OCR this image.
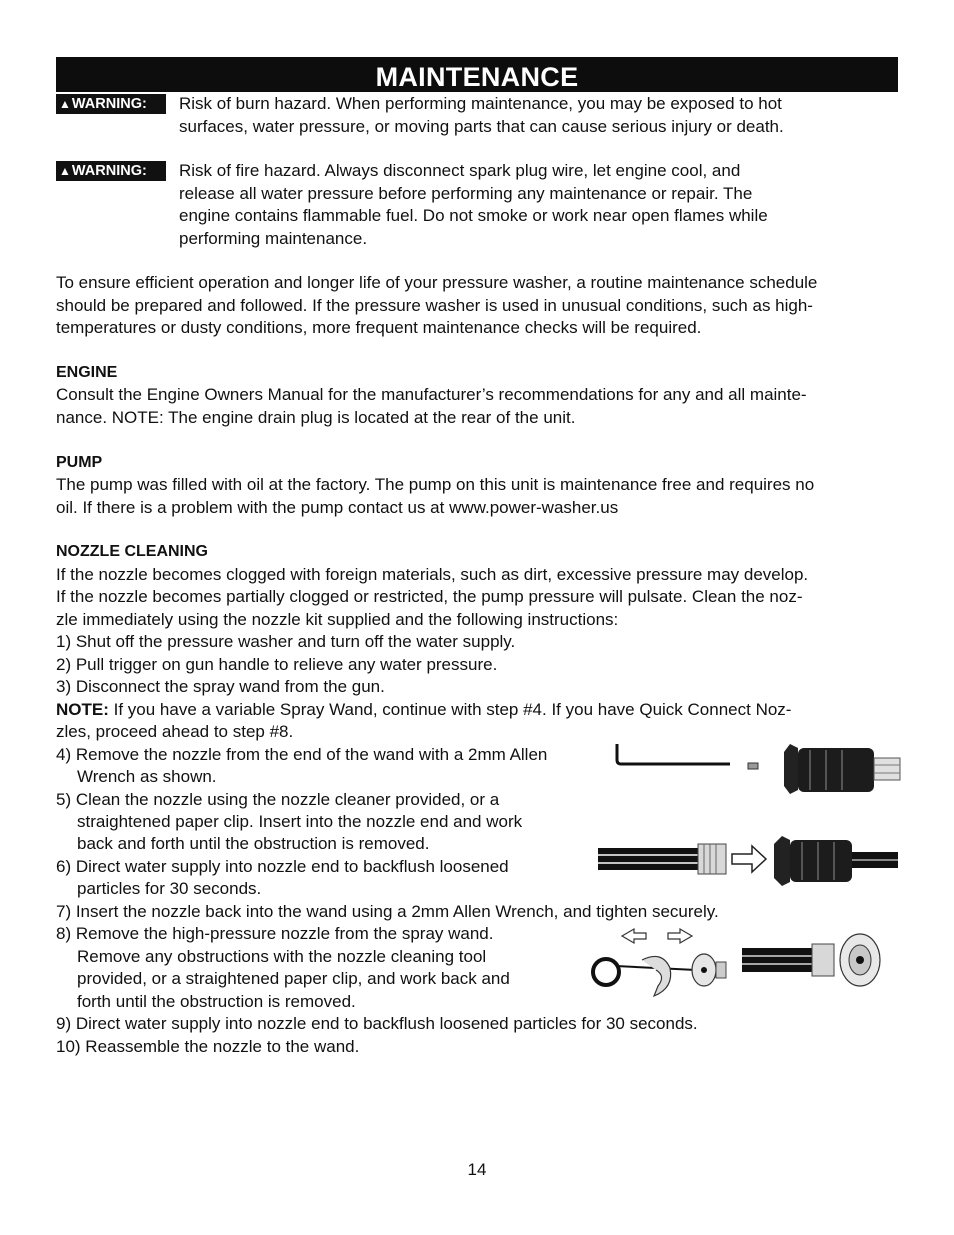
MAINTENANCE
▲WARNING:	Risk of burn hazard. When performing maintenance, you may be exposed to hot
surfaces, water pressure, or moving parts that can cause serious injury or death.
▲WARNING:	Risk of fire hazard. Always disconnect spark plug wire, let engine cool, and
release all water pressure before performing any maintenance or repair. The
engine contains flammable fuel. Do not smoke or work near open flames while
performing maintenance.
To ensure efficient operation and longer life of your pressure washer, a routine maintenance schedule
should be prepared and followed. If the pressure washer is used in unusual conditions, such as high-
temperatures or dusty conditions, more frequent maintenance checks will be required.
ENGINE
Consult the Engine Owners Manual for the manufacturer’s recommendations for any and all mainte-
nance. NOTE: The engine drain plug is located at the rear of the unit.
PUMP
The pump was filled with oil at the factory. The pump on this unit is maintenance free and requires no
oil. If there is a problem with the pump contact us at www.power-washer.us
NOZZLE CLEANING
If the nozzle becomes clogged with foreign materials, such as dirt, excessive pressure may develop.
If the nozzle becomes partially clogged or restricted, the pump pressure will pulsate. Clean the noz-
zle immediately using the nozzle kit supplied and the following instructions:
1) Shut off the pressure washer and turn off the water supply.
2) Pull trigger on gun handle to relieve any water pressure.
3) Disconnect the spray wand from the gun.
NOTE: If you have a variable Spray Wand, continue with step #4. If you have Quick Connect Noz-
zles, proceed ahead to step #8.
4) Remove the nozzle from the end of the wand with a 2mm Allen
Wrench as shown.
5) Clean the nozzle using the nozzle cleaner provided, or a
straightened paper clip. Insert into the nozzle end and work
back and forth until the obstruction is removed.
6) Direct water supply into nozzle end to backflush loosened
particles for 30 seconds.
7) Insert the nozzle back into the wand using a 2mm Allen Wrench, and tighten securely.
8) Remove the high-pressure nozzle from the spray wand.
Remove any obstructions with the nozzle cleaning tool
provided, or a straightened paper clip, and work back and
forth until the obstruction is removed.
9) Direct water supply into nozzle end to backflush loosened particles for 30 seconds.
10) Reassemble the nozzle to the wand.
14
